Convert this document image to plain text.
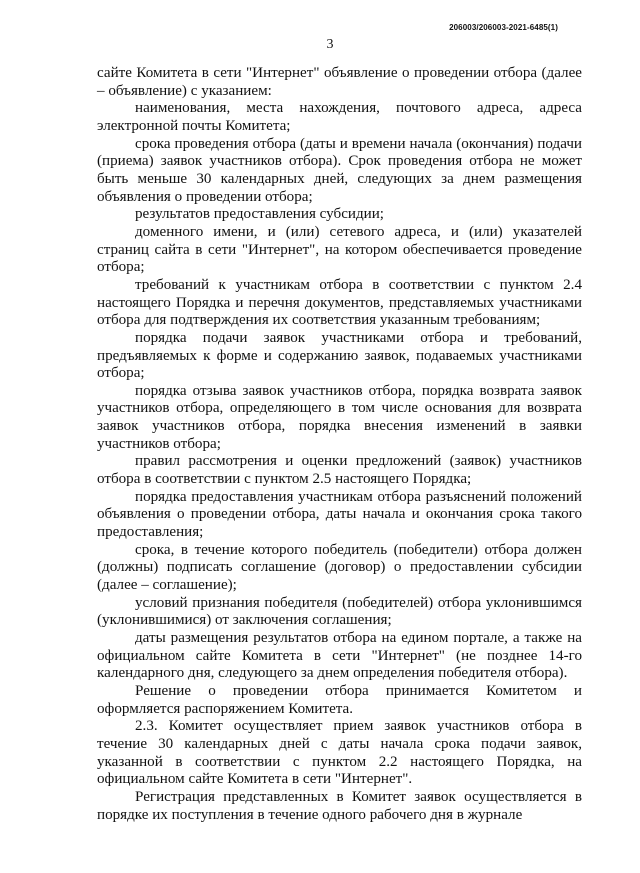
206003/206003-2021-6485(1)
3

сайте Комитета в сети "Интернет" объявление о проведении отбора (далее – объявление) с указанием:

наименования, места нахождения, почтового адреса, адреса электронной почты Комитета;

срока проведения отбора (даты и времени начала (окончания) подачи (приема) заявок участников отбора). Срок проведения отбора не может быть меньше 30 календарных дней, следующих за днем размещения объявления о проведении отбора;

результатов предоставления субсидии;

доменного имени, и (или) сетевого адреса, и (или) указателей страниц сайта в сети "Интернет", на котором обеспечивается проведение отбора;

требований к участникам отбора в соответствии с пунктом 2.4 настоящего Порядка и перечня документов, представляемых участниками отбора для подтверждения их соответствия указанным требованиям;

порядка подачи заявок участниками отбора и требований, предъявляемых к форме и содержанию заявок, подаваемых участниками отбора;

порядка отзыва заявок участников отбора, порядка возврата заявок участников отбора, определяющего в том числе основания для возврата заявок участников отбора, порядка внесения изменений в заявки участников отбора;

правил рассмотрения и оценки предложений (заявок) участников отбора в соответствии с пунктом 2.5 настоящего Порядка;

порядка предоставления участникам отбора разъяснений положений объявления о проведении отбора, даты начала и окончания срока такого предоставления;

срока, в течение которого победитель (победители) отбора должен (должны) подписать соглашение (договор) о предоставлении субсидии (далее – соглашение);

условий признания победителя (победителей) отбора уклонившимся (уклонившимися) от заключения соглашения;

даты размещения результатов отбора на едином портале, а также на официальном сайте Комитета в сети "Интернет" (не позднее 14-го календарного дня, следующего за днем определения победителя отбора).

Решение о проведении отбора принимается Комитетом и оформляется распоряжением Комитета.

2.3. Комитет осуществляет прием заявок участников отбора в течение 30 календарных дней с даты начала срока подачи заявок, указанной в соответствии с пунктом 2.2 настоящего Порядка, на официальном сайте Комитета в сети "Интернет".

Регистрация представленных в Комитет заявок осуществляется в порядке их поступления в течение одного рабочего дня в журнале
